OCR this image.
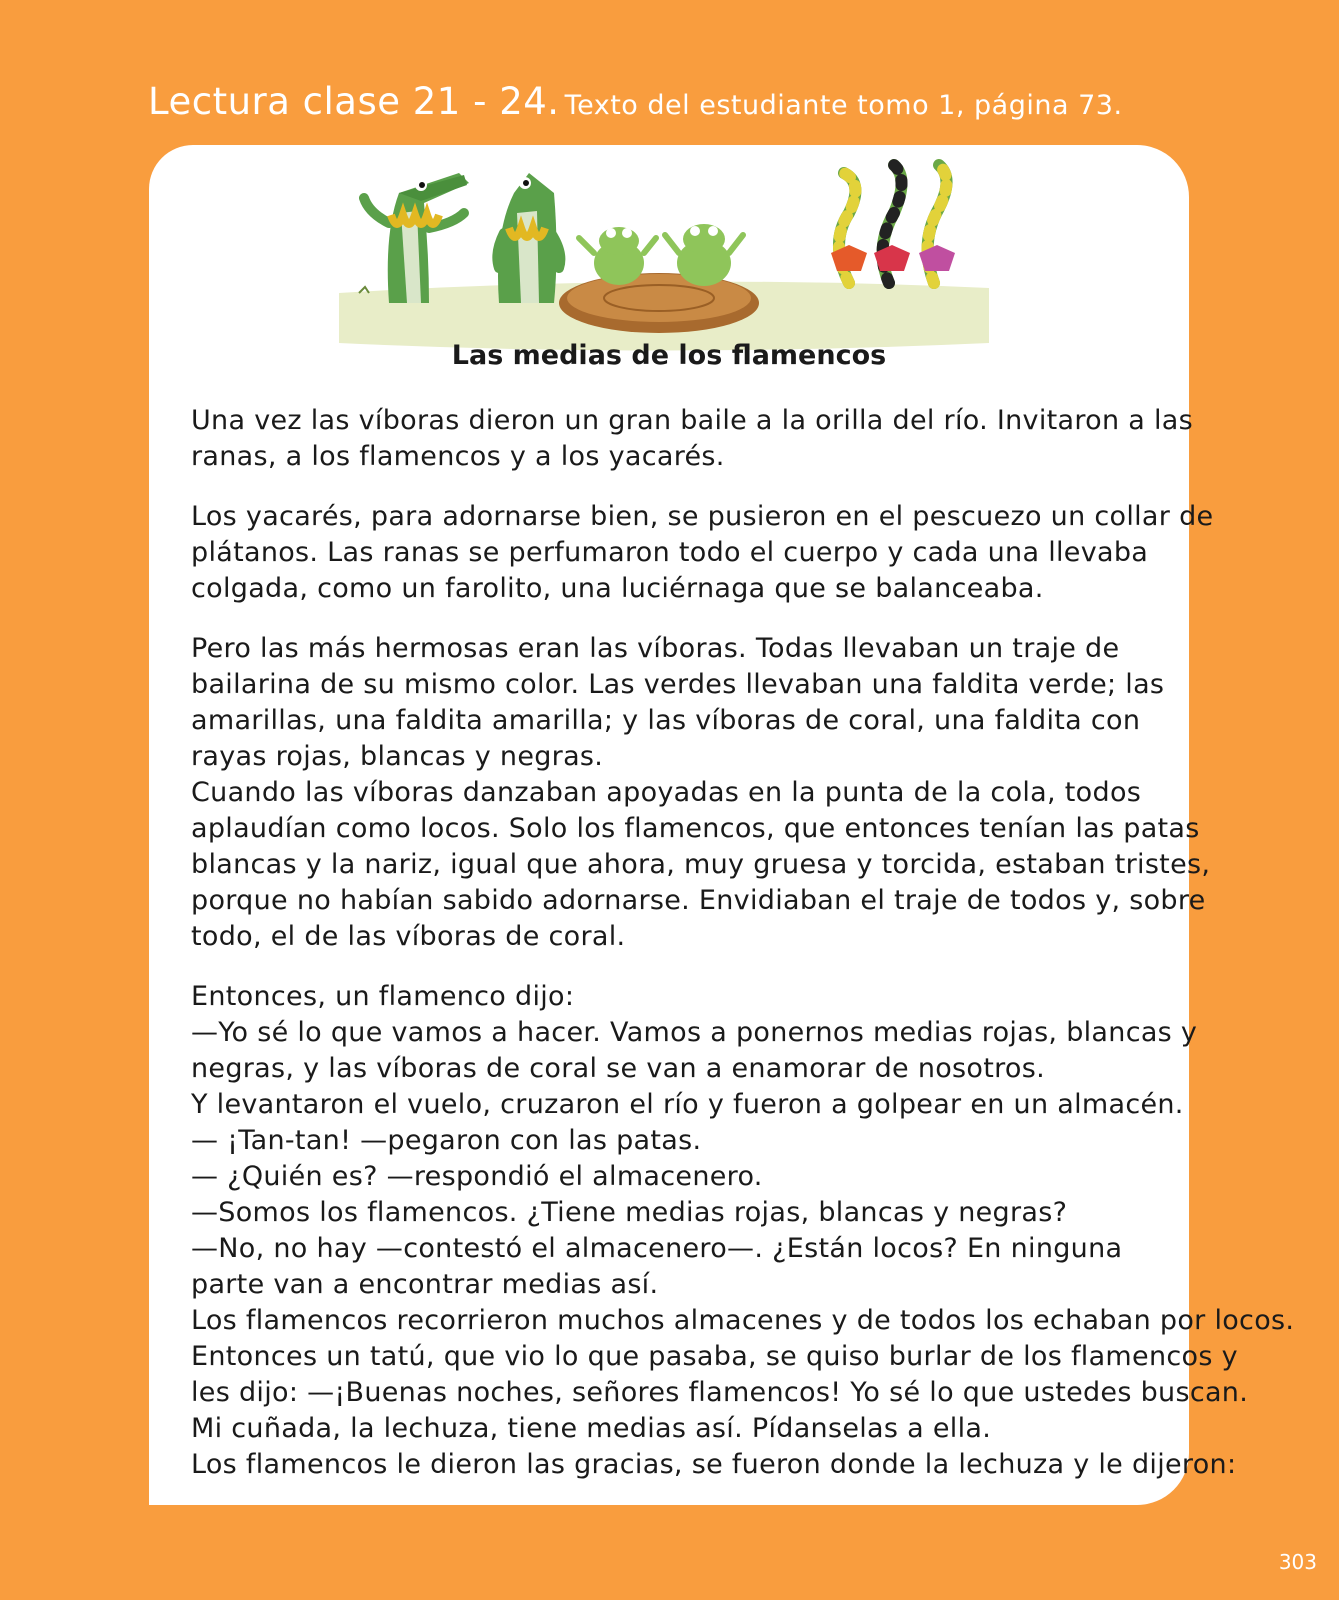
Lectura clase 21 - 24. Texto del estudiante tomo 1, página 73.
Las medias de los flamencos

Una vez las víboras dieron un gran baile a la orilla del río. Invitaron a las

ranas, a los flamencos y a los yacarés.

Los yacarés, para adornarse bien, se pusieron en el pescuezo un collar de

plátanos. Las ranas se perfumaron todo el cuerpo y cada una llevaba

colgada, como un farolito, una luciérnaga que se balanceaba.

Pero las más hermosas eran las víboras. Todas llevaban un traje de

bailarina de su mismo color. Las verdes llevaban una faldita verde; las

amarillas, una faldita amarilla; y las víboras de coral, una faldita con

rayas rojas, blancas y negras.

Cuando las víboras danzaban apoyadas en la punta de la cola, todos

aplaudían como locos. Solo los flamencos, que entonces tenían las patas

blancas y la nariz, igual que ahora, muy gruesa y torcida, estaban tristes,

porque no habían sabido adornarse. Envidiaban el traje de todos y, sobre

todo, el de las víboras de coral.

Entonces, un flamenco dijo:

—Yo sé lo que vamos a hacer. Vamos a ponernos medias rojas, blancas y

negras, y las víboras de coral se van a enamorar de nosotros.

Y levantaron el vuelo, cruzaron el río y fueron a golpear en un almacén.

— ¡Tan-tan! —pegaron con las patas.

— ¿Quién es? —respondió el almacenero.

—Somos los flamencos. ¿Tiene medias rojas, blancas y negras?

—No, no hay —contestó el almacenero—. ¿Están locos? En ninguna

parte van a encontrar medias así.

Los flamencos recorrieron muchos almacenes y de todos los echaban por locos.

Entonces un tatú, que vio lo que pasaba, se quiso burlar de los flamencos y

les dijo: —¡Buenas noches, señores flamencos! Yo sé lo que ustedes buscan.

Mi cuñada, la lechuza, tiene medias así. Pídanselas a ella.

Los flamencos le dieron las gracias, se fueron donde la lechuza y le dijeron:

303
